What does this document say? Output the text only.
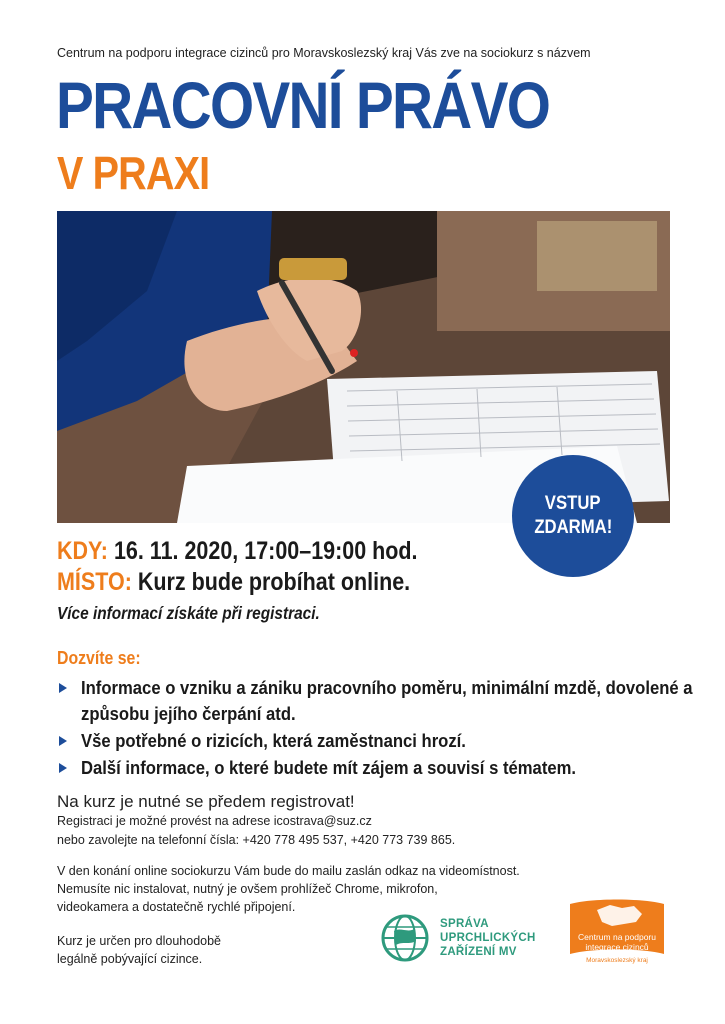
Centrum na podporu integrace cizinců pro Moravskoslezský kraj Vás zve na sociokurz s názvem
PRACOVNÍ PRÁVO
V PRAXI
VSTUP
ZDARMA!
KDY: 16. 11. 2020, 17:00–19:00 hod.
MÍSTO: Kurz bude probíhat online.
Více informací získáte při registraci.
Dozvíte se:
Informace o vzniku a zániku pracovního poměru, minimální mzdě, dovolené a způsobu jejího čerpání atd.
Vše potřebné o rizicích, která zaměstnanci hrozí.
Další informace, o které budete mít zájem a souvisí s tématem.
Na kurz je nutné se předem registrovat!
Registraci je možné provést na adrese icostrava@suz.cz
nebo zavolejte na telefonní čísla: +420 778 495 537, +420 773 739 865.
V den konání online sociokurzu Vám bude do mailu zaslán odkaz na videomístnost.
Nemusíte nic instalovat, nutný je ovšem prohlížeč Chrome, mikrofon,
videokamera a dostatečně rychlé připojení.
Kurz je určen pro dlouhodobě
legálně pobývající cizince.
SPRÁVA
UPRCHLICKÝCH
ZAŘÍZENÍ MV
Centrum na podporu
integrace cizinců
Moravskoslezský kraj
